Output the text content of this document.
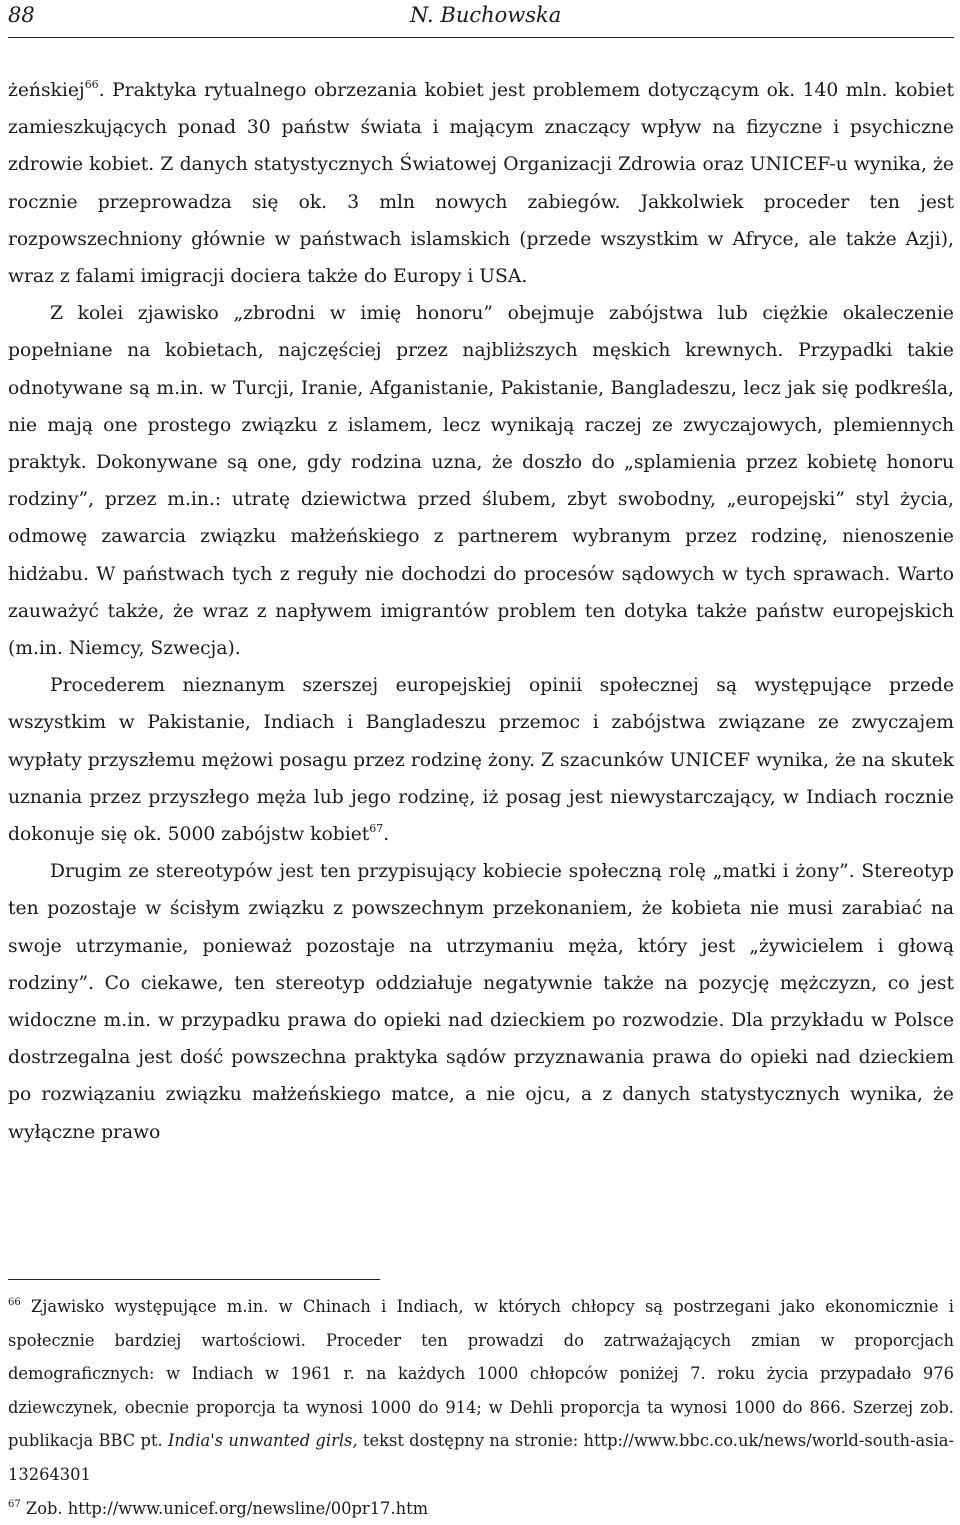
88	N. Buchowska

żeńskiej$^{66}$. Praktyka rytualnego obrzezania kobiet jest problemem dotyczącym ok. 140 mln. kobiet zamieszkujących ponad 30 państw świata i mającym znaczący wpływ na fizyczne i psychiczne zdrowie kobiet. Z danych statystycznych Światowej Organizacji Zdrowia oraz UNICEF-u wynika, że rocznie przeprowadza się ok. 3 mln nowych zabiegów. Jakkolwiek proceder ten jest rozpowszechniony głównie w państwach islamskich (przede wszystkim w Afryce, ale także Azji), wraz z falami imigracji dociera także do Europy i USA.

Z kolei zjawisko „zbrodni w imię honoru” obejmuje zabójstwa lub ciężkie okaleczenie popełniane na kobietach, najczęściej przez najbliższych męskich krewnych. Przypadki takie odnotywane są m.in. w Turcji, Iranie, Afganistanie, Pakistanie, Bangladeszu, lecz jak się podkreśla, nie mają one prostego związku z islamem, lecz wynikają raczej ze zwyczajowych, plemiennych praktyk. Dokonywane są one, gdy rodzina uzna, że doszło do „splamienia przez kobietę honoru rodziny”, przez m.in.: utratę dziewictwa przed ślubem, zbyt swobodny, „europejski” styl życia, odmowę zawarcia związku małżeńskiego z partnerem wybranym przez rodzinę, nienoszenie hidżabu. W państwach tych z reguły nie dochodzi do procesów sądowych w tych sprawach. Warto zauważyć także, że wraz z napływem imigrantów problem ten dotyka także państw europejskich (m.in. Niemcy, Szwecja).

Procederem nieznanym szerszej europejskiej opinii społecznej są występujące przede wszystkim w Pakistanie, Indiach i Bangladeszu przemoc i zabójstwa związane ze zwyczajem wypłaty przyszłemu mężowi posagu przez rodzinę żony. Z szacunków UNICEF wynika, że na skutek uznania przez przyszłego męża lub jego rodzinę, iż posag jest niewystarczający, w Indiach rocznie dokonuje się ok. 5000 zabójstw kobiet$^{67}$.

Drugim ze stereotypów jest ten przypisujący kobiecie społeczną rolę „matki i żony”. Stereotyp ten pozostaje w ścisłym związku z powszechnym przekonaniem, że kobieta nie musi zarabiać na swoje utrzymanie, ponieważ pozostaje na utrzymaniu męża, który jest „żywicielem i głową rodziny”. Co ciekawe, ten stereotyp oddziałuje negatywnie także na pozycję mężczyzn, co jest widoczne m.in. w przypadku prawa do opieki nad dzieckiem po rozwodzie. Dla przykładu w Polsce dostrzegalna jest dość powszechna praktyka sądów przyznawania prawa do opieki nad dzieckiem po rozwiązaniu związku małżeńskiego matce, a nie ojcu, a z danych statystycznych wynika, że wyłączne prawo

$^{66}$ Zjawisko występujące m.in. w Chinach i Indiach, w których chłopcy są postrzegani jako ekonomicznie i społecznie bardziej wartościowi. Proceder ten prowadzi do zatrważających zmian w proporcjach demograficznych: w Indiach w 1961 r. na każdych 1000 chłopców poniżej 7. roku życia przypadało 976 dziewczynek, obecnie proporcja ta wynosi 1000 do 914; w Dehli proporcja ta wynosi 1000 do 866. Szerzej zob. publikacja BBC pt. India's unwanted girls, tekst dostępny na stronie: http://www.bbc.co.uk/news/world-south-asia-13264301

$^{67}$ Zob. http://www.unicef.org/newsline/00pr17.htm
